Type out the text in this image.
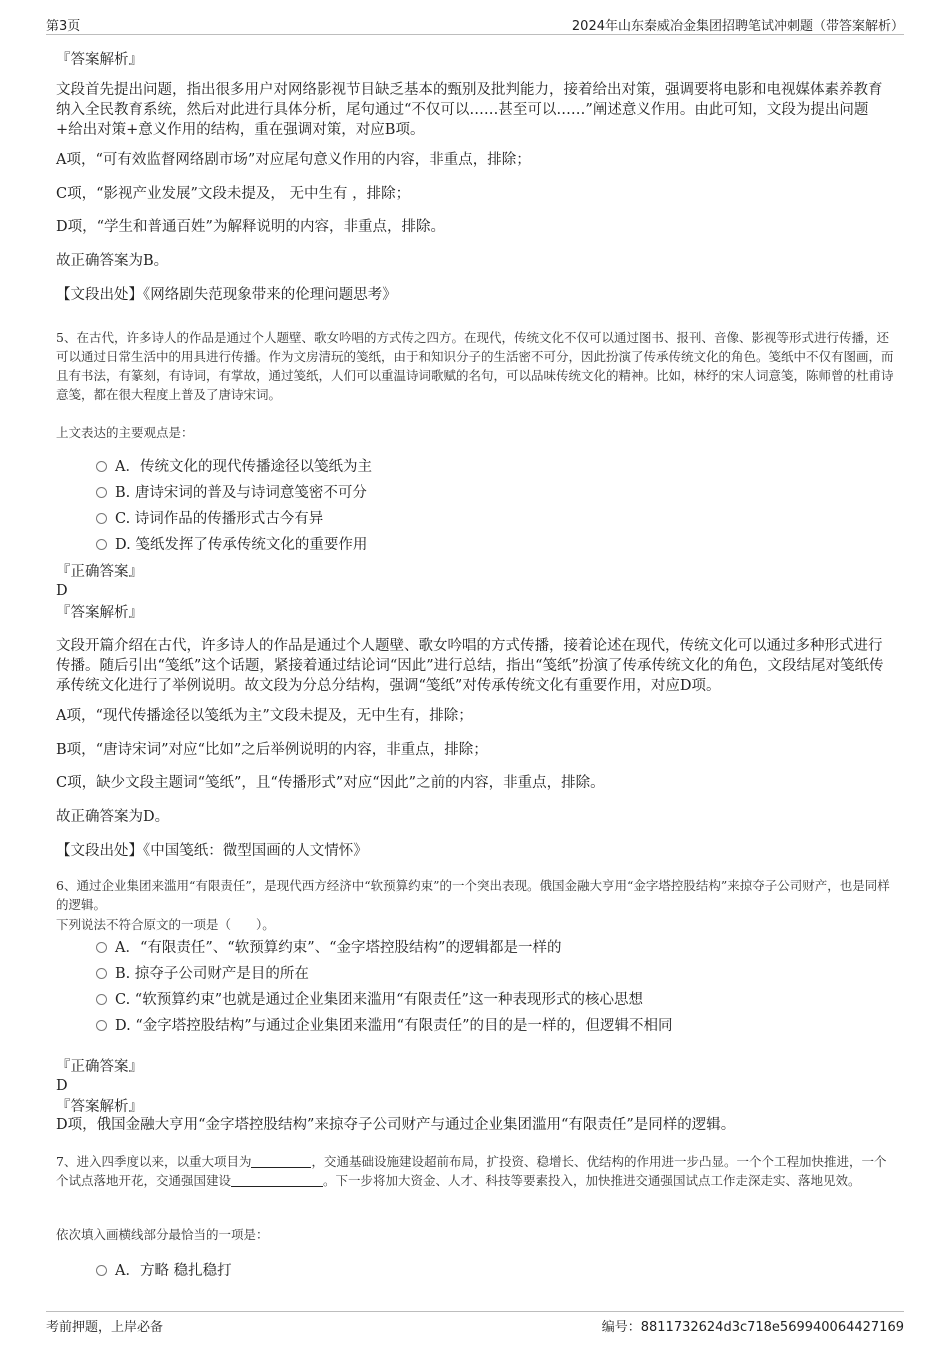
第3页	2024年山东秦威冶金集团招聘笔试冲刺题（带答案解析）
『答案解析』
文段首先提出问题，指出很多用户对网络影视节目缺乏基本的甄别及批判能力，接着给出对策，强调要将电影和电视媒体素养教育纳入全民教育系统，然后对此进行具体分析，尾句通过“不仅可以……甚至可以……”阐述意义作用。由此可知，文段为提出问题+给出对策+意义作用的结构，重在强调对策，对应B项。
A项，“可有效监督网络剧市场”对应尾句意义作用的内容，非重点，排除；
C项，“影视产业发展”文段未提及， 无中生有 ，排除；
D项，“学生和普通百姓”为解释说明的内容，非重点，排除。
故正确答案为B。
【文段出处】《网络剧失范现象带来的伦理问题思考》
5、在古代，许多诗人的作品是通过个人题壁、歌女吟唱的方式传之四方。在现代，传统文化不仅可以通过图书、报刊、音像、影视等形式进行传播，还可以通过日常生活中的用具进行传播。作为文房清玩的笺纸，由于和知识分子的生活密不可分，因此扮演了传承传统文化的角色。笺纸中不仅有图画，而且有书法，有篆刻，有诗词，有掌故，通过笺纸，人们可以重温诗词歌赋的名句，可以品味传统文化的精神。比如，林纾的宋人词意笺，陈师曾的杜甫诗意笺，都在很大程度上普及了唐诗宋词。
上文表达的主要观点是：
A．传统文化的现代传播途径以笺纸为主
B. 唐诗宋词的普及与诗词意笺密不可分
C. 诗词作品的传播形式古今有异
D. 笺纸发挥了传承传统文化的重要作用
『正确答案』
D
『答案解析』
文段开篇介绍在古代，许多诗人的作品是通过个人题壁、歌女吟唱的方式传播，接着论述在现代，传统文化可以通过多种形式进行传播。随后引出“笺纸”这个话题，紧接着通过结论词“因此”进行总结，指出“笺纸”扮演了传承传统文化的角色，文段结尾对笺纸传承传统文化进行了举例说明。故文段为分总分结构，强调“笺纸”对传承传统文化有重要作用，对应D项。
A项，“现代传播途径以笺纸为主”文段未提及，无中生有，排除；
B项，“唐诗宋词”对应“比如”之后举例说明的内容，非重点，排除；
C项，缺少文段主题词“笺纸”，且“传播形式”对应“因此”之前的内容，非重点，排除。
故正确答案为D。
【文段出处】《中国笺纸：微型国画的人文情怀》
6、通过企业集团来滥用“有限责任”，是现代西方经济中“软预算约束”的一个突出表现。俄国金融大亨用“金字塔控股结构”来掠夺子公司财产，也是同样的逻辑。
下列说法不符合原文的一项是（　　）。
A．“有限责任”、“软预算约束”、“金字塔控股结构”的逻辑都是一样的
B. 掠夺子公司财产是目的所在
C. “软预算约束”也就是通过企业集团来滥用“有限责任”这一种表现形式的核心思想
D. “金字塔控股结构”与通过企业集团来滥用“有限责任”的目的是一样的，但逻辑不相同
『正确答案』
D
『答案解析』
D项，俄国金融大亨用“金字塔控股结构”来掠夺子公司财产与通过企业集团滥用“有限责任”是同样的逻辑。
7、进入四季度以来，以重大项目为	，交通基础设施建设超前布局，扩投资、稳增长、优结构的作用进一步凸显。一个个工程加快推进，一个个试点落地开花，交通强国建设	。下一步将加大资金、人才、科技等要素投入，加快推进交通强国试点工作走深走实、落地见效。
依次填入画横线部分最恰当的一项是：
A．方略 稳扎稳打
考前押题，上岸必备	编号：8811732624d3c718e569940064427169
